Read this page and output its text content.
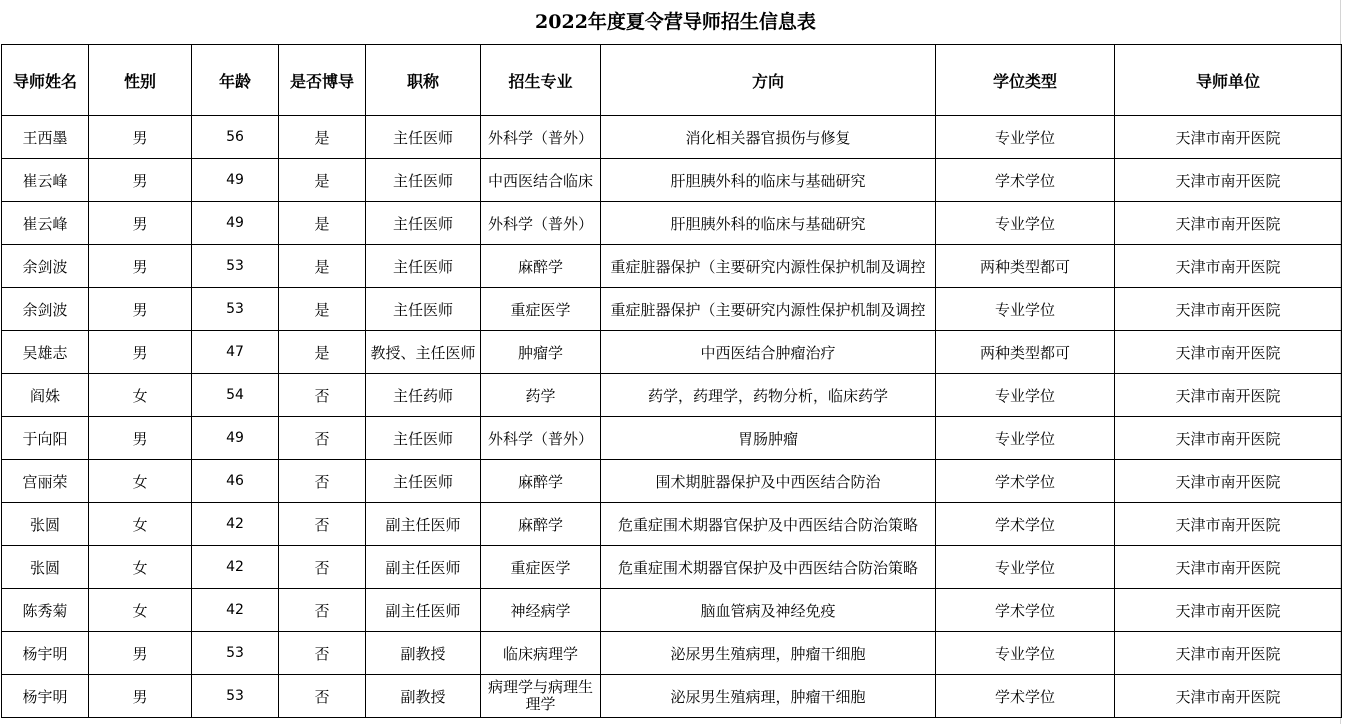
2022年度夏令营导师招生信息表
导师姓名	性别	年龄	是否博导	职称	招生专业	方向	学位类型	导师单位
王西墨	男	56	是	主任医师	外科学（普外）	消化相关器官损伤与修复	专业学位	天津市南开医院
崔云峰	男	49	是	主任医师	中西医结合临床	肝胆胰外科的临床与基础研究	学术学位	天津市南开医院
崔云峰	男	49	是	主任医师	外科学（普外）	肝胆胰外科的临床与基础研究	专业学位	天津市南开医院
余剑波	男	53	是	主任医师	麻醉学	重症脏器保护（主要研究内源性保护机制及调控	两种类型都可	天津市南开医院
余剑波	男	53	是	主任医师	重症医学	重症脏器保护（主要研究内源性保护机制及调控	专业学位	天津市南开医院
吴雄志	男	47	是	教授、主任医师	肿瘤学	中西医结合肿瘤治疗	两种类型都可	天津市南开医院
阎姝	女	54	否	主任药师	药学	药学，药理学，药物分析，临床药学	专业学位	天津市南开医院
于向阳	男	49	否	主任医师	外科学（普外）	胃肠肿瘤	专业学位	天津市南开医院
宫丽荣	女	46	否	主任医师	麻醉学	围术期脏器保护及中西医结合防治	学术学位	天津市南开医院
张圆	女	42	否	副主任医师	麻醉学	危重症围术期器官保护及中西医结合防治策略	学术学位	天津市南开医院
张圆	女	42	否	副主任医师	重症医学	危重症围术期器官保护及中西医结合防治策略	专业学位	天津市南开医院
陈秀菊	女	42	否	副主任医师	神经病学	脑血管病及神经免疫	学术学位	天津市南开医院
杨宇明	男	53	否	副教授	临床病理学	泌尿男生殖病理，肿瘤干细胞	专业学位	天津市南开医院
杨宇明	男	53	否	副教授	病理学与病理生理学	泌尿男生殖病理，肿瘤干细胞	学术学位	天津市南开医院
